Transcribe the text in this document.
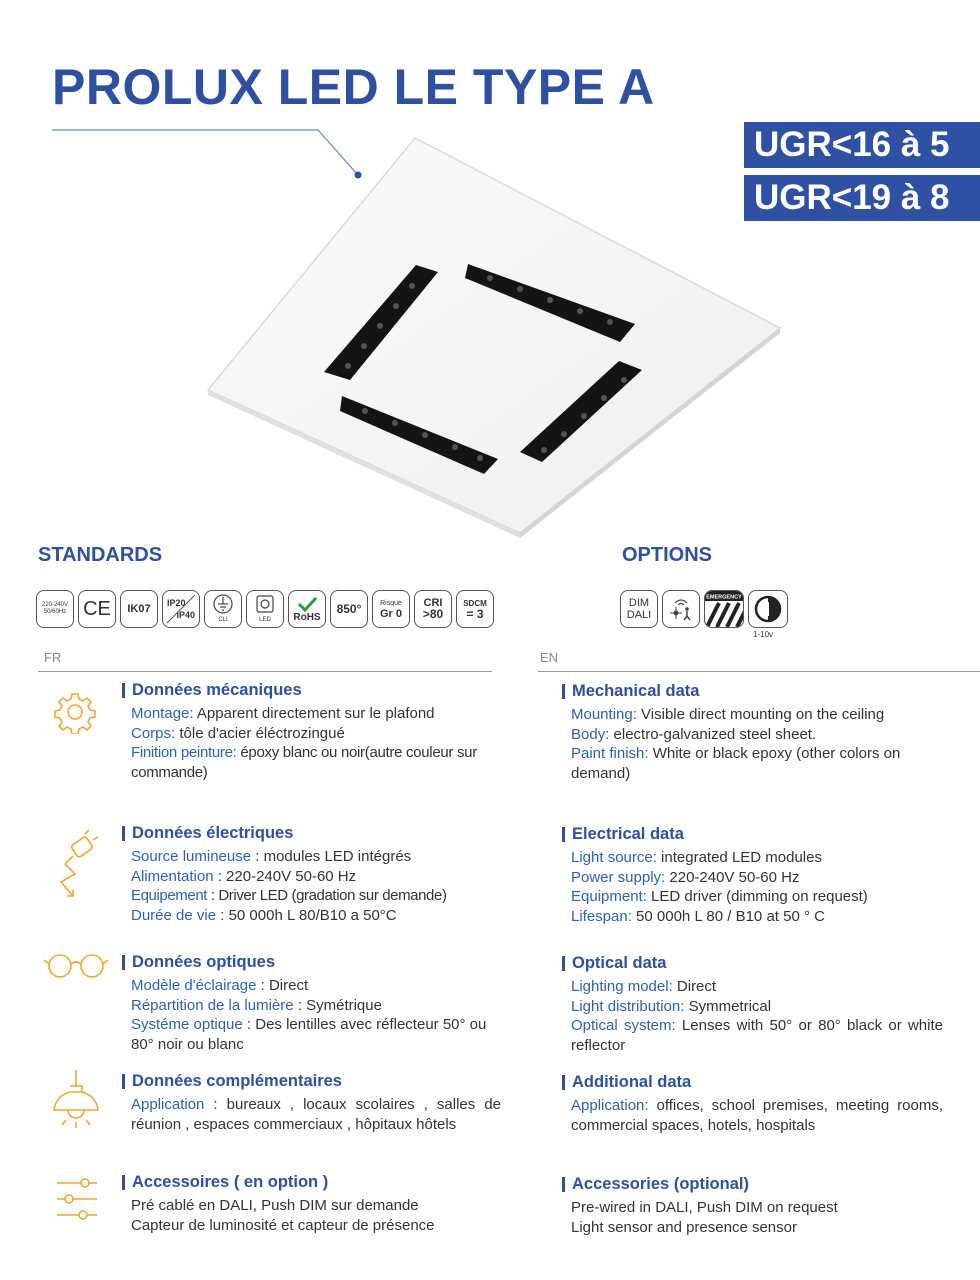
PROLUX LED LE TYPE A
UGR<16 à 5
UGR<19 à 8
STANDARDS	OPTIONS
220-240V
50/60Hz CE	IK07	IP20
IP40	CLI	LED RoHS
850°	Risque
Gr 0
CRI
>80
SDCM
= 3
DIM
DALI
EMERGENCY
1-10v
FR	EN
Données mécaniques

Montage: Apparent directement sur le plafond

Corps: tôle d'acier éléctrozingué

Finition peinture: époxy blanc ou noir(autre couleur sur commande)

Données électriques

Source lumineuse : modules LED intégrés

Alimentation : 220-240V 50-60 Hz

Equipement : Driver LED (gradation sur demande)

Durée de vie : 50 000h L 80/B10 a 50°C

Données optiques

Modèle d'éclairage : Direct

Répartition de la lumière : Symétrique

Systéme optique : Des lentilles avec réflecteur 50° ou 80° noir ou blanc

Données complémentaires

Application : bureaux , locaux scolaires , salles de réunion , espaces commerciaux , hôpitaux hôtels

Accessoires ( en option )

Pré cablé en DALI, Push DIM sur demande

Capteur de luminosité et capteur de présence

Mechanical data

Mounting: Visible direct mounting on the ceiling

Body: electro-galvanized steel sheet.

Paint finish: White or black epoxy (other colors on demand)

Electrical data

Light source: integrated LED modules

Power supply: 220-240V 50-60 Hz

Equipment: LED driver (dimming on request)

Lifespan: 50 000h L 80 / B10 at 50 ° C

Optical data

Lighting model: Direct

Light distribution: Symmetrical

Optical system: Lenses with 50° or 80° black or white reflector

Additional data

Application: offices, school premises, meeting rooms, commercial spaces, hotels, hospitals

Accessories (optional)

Pre-wired in DALI, Push DIM on request

Light sensor and presence sensor
